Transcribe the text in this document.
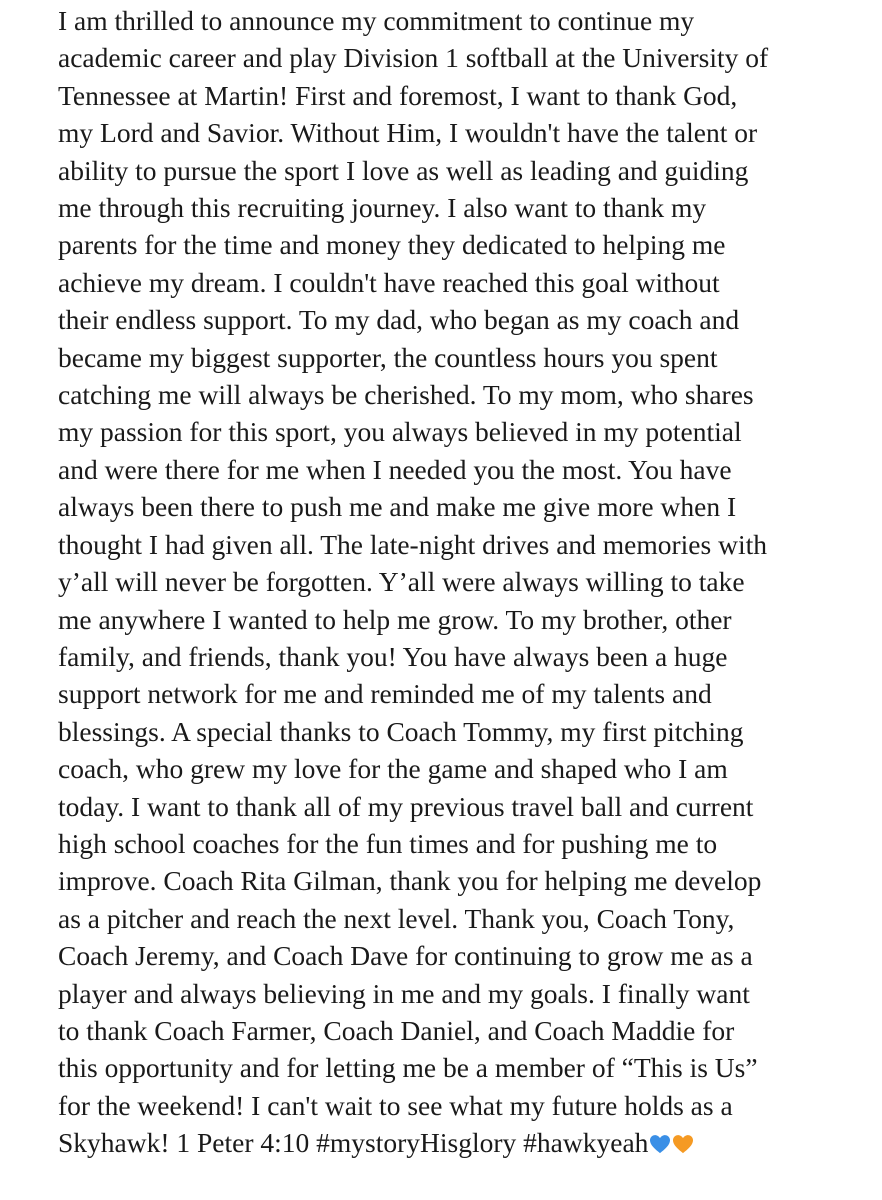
I am thrilled to announce my commitment to continue my
academic career and play Division 1 softball at the University of
Tennessee at Martin! First and foremost, I want to thank God,
my Lord and Savior. Without Him, I wouldn't have the talent or
ability to pursue the sport I love as well as leading and guiding
me through this recruiting journey. I also want to thank my
parents for the time and money they dedicated to helping me
achieve my dream. I couldn't have reached this goal without
their endless support. To my dad, who began as my coach and
became my biggest supporter, the countless hours you spent
catching me will always be cherished. To my mom, who shares
my passion for this sport, you always believed in my potential
and were there for me when I needed you the most. You have
always been there to push me and make me give more when I
thought I had given all. The late-night drives and memories with
y’all will never be forgotten. Y’all were always willing to take
me anywhere I wanted to help me grow. To my brother, other
family, and friends, thank you! You have always been a huge
support network for me and reminded me of my talents and
blessings. A special thanks to Coach Tommy, my first pitching
coach, who grew my love for the game and shaped who I am
today. I want to thank all of my previous travel ball and current
high school coaches for the fun times and for pushing me to
improve. Coach Rita Gilman, thank you for helping me develop
as a pitcher and reach the next level. Thank you, Coach Tony,
Coach Jeremy, and Coach Dave for continuing to grow me as a
player and always believing in me and my goals. I finally want
to thank Coach Farmer, Coach Daniel, and Coach Maddie for
this opportunity and for letting me be a member of “This is Us”
for the weekend! I can't wait to see what my future holds as a
Skyhawk! 1 Peter 4:10 #mystoryHisglory #hawkyeah
